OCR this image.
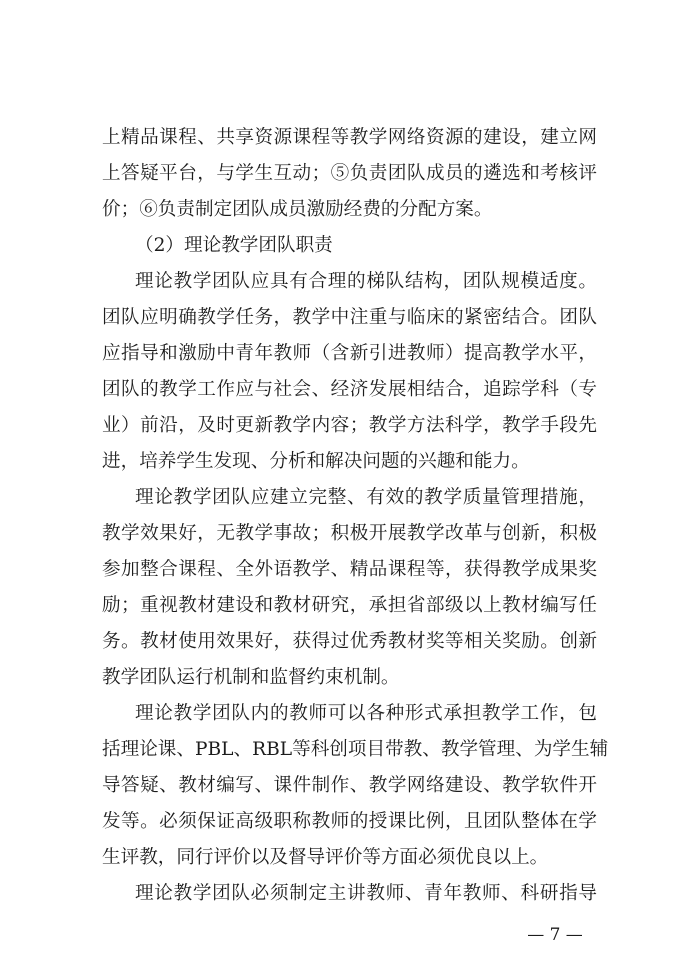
上精品课程、共享资源课程等教学网络资源的建设，建立网
上答疑平台，与学生互动；⑤负责团队成员的遴选和考核评
价；⑥负责制定团队成员激励经费的分配方案。
（2）理论教学团队职责
理论教学团队应具有合理的梯队结构，团队规模适度。
团队应明确教学任务，教学中注重与临床的紧密结合。团队
应指导和激励中青年教师（含新引进教师）提高教学水平，
团队的教学工作应与社会、经济发展相结合，追踪学科（专
业）前沿，及时更新教学内容；教学方法科学，教学手段先
进，培养学生发现、分析和解决问题的兴趣和能力。
理论教学团队应建立完整、有效的教学质量管理措施，
教学效果好，无教学事故；积极开展教学改革与创新，积极
参加整合课程、全外语教学、精品课程等，获得教学成果奖
励；重视教材建设和教材研究，承担省部级以上教材编写任
务。教材使用效果好，获得过优秀教材奖等相关奖励。创新
教学团队运行机制和监督约束机制。
理论教学团队内的教师可以各种形式承担教学工作，包
括理论课、PBL、RBL等科创项目带教、教学管理、为学生辅
导答疑、教材编写、课件制作、教学网络建设、教学软件开
发等。必须保证高级职称教师的授课比例，且团队整体在学
生评教，同行评价以及督导评价等方面必须优良以上。
理论教学团队必须制定主讲教师、青年教师、科研指导
— 7 —
